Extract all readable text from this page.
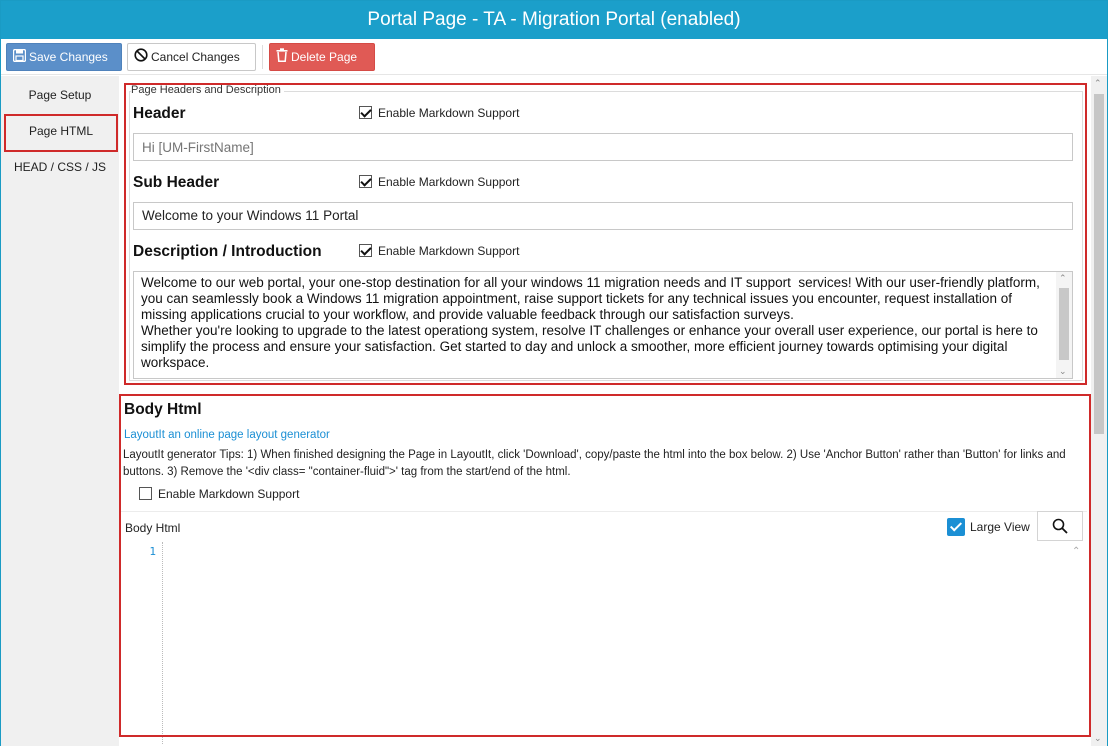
Portal Page - TA - Migration Portal (enabled)
Save Changes	Cancel Changes	Delete Page
Page Setup
Page HTML
HEAD / CSS / JS
Page Headers and Description
Header	Enable Markdown Support
Hi [UM-FirstName]
Sub Header	Enable Markdown Support
Welcome to your Windows 11 Portal
Description / Introduction	Enable Markdown Support
Welcome to our web portal, your one-stop destination for all your windows 11 migration needs and IT support  services! With our user-friendly platform, you can seamlessly book a Windows 11 migration appointment, raise support tickets for any technical issues you encounter, request installation of missing applications crucial to your workflow, and provide valuable feedback through our satisfaction surveys.
Whether you're looking to upgrade to the latest operationg system, resolve IT challenges or enhance your overall user experience, our portal is here to simplify the process and ensure your satisfaction. Get started to day and unlock a smoother, more efficient journey towards optimising your digital workspace.
⌃
⌄
Body Html
LayoutIt an online page layout generator
LayoutIt generator Tips: 1) When finished designing the Page in LayoutIt, click 'Download', copy/paste the html into the box below. 2) Use 'Anchor Button' rather than 'Button' for links and buttons. 3) Remove the '<div class= "container-fluid">' tag from the start/end of the html.
Enable Markdown Support
Body Html	Large View
1	⌃
⌃
⌄
